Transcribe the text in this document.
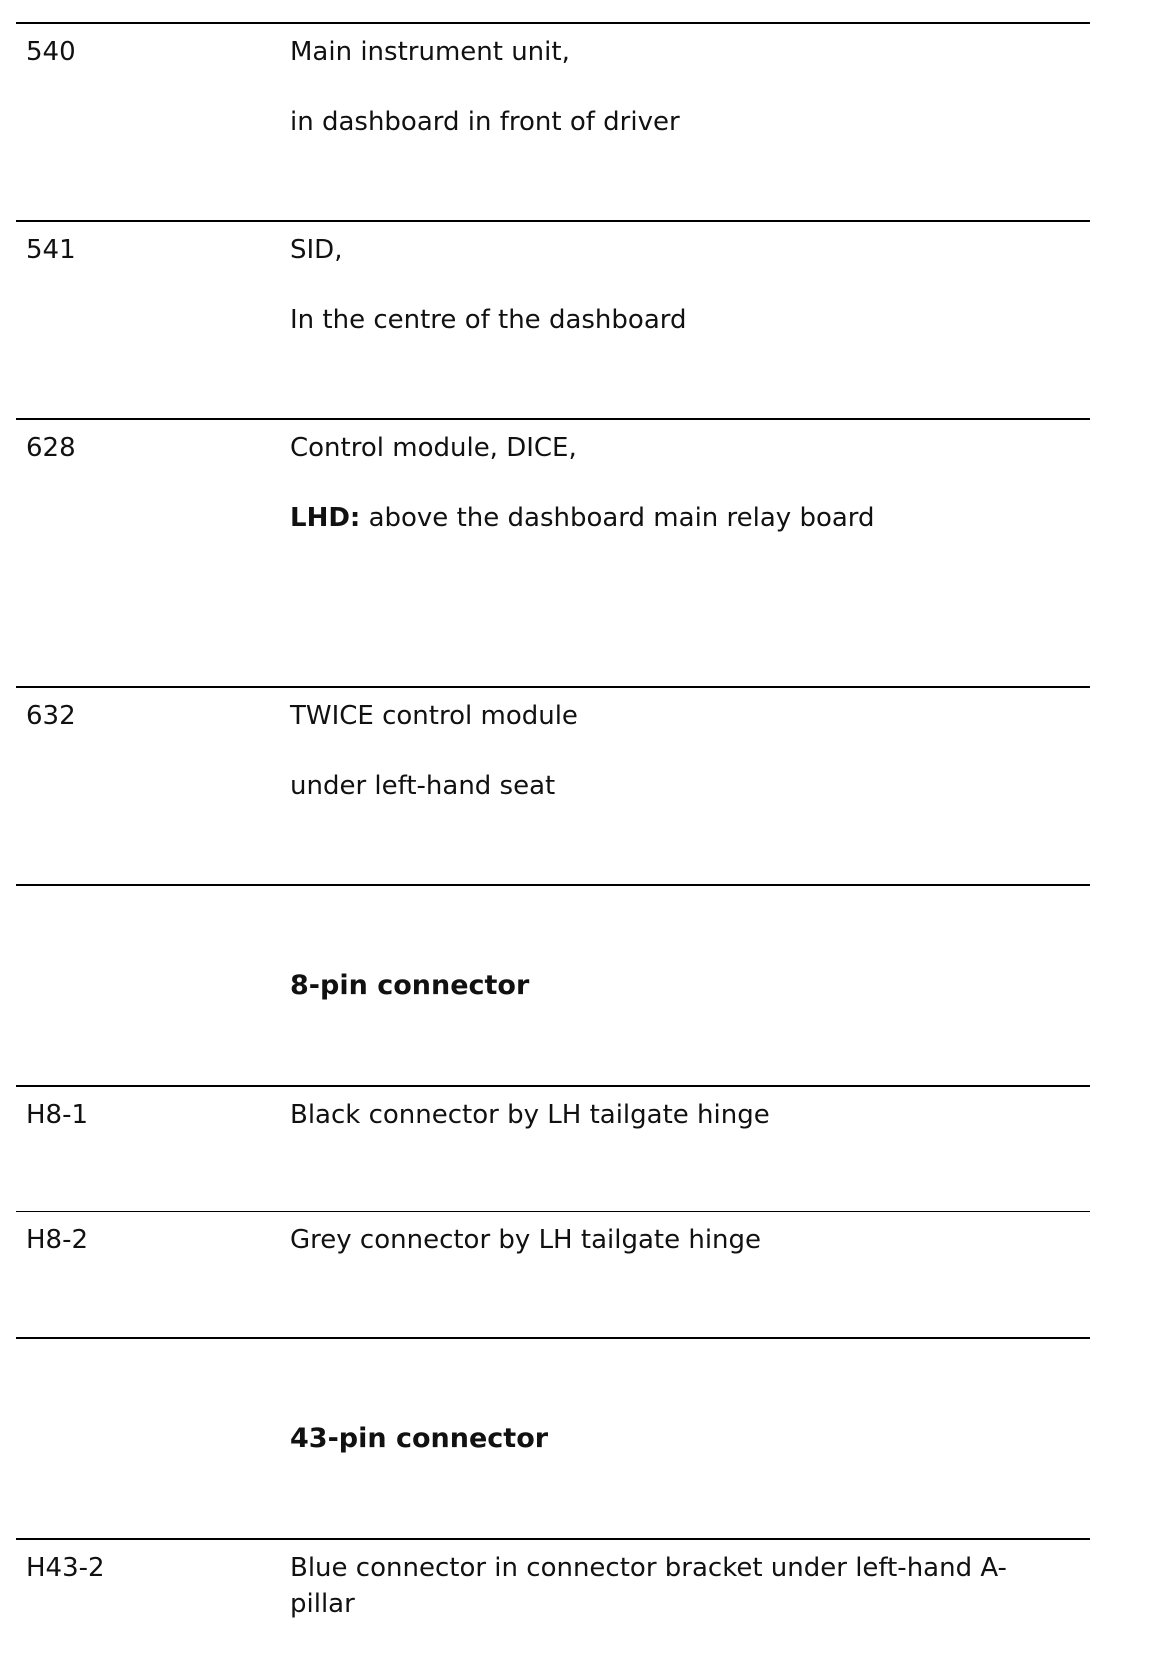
540	Main instrument unit,
in dashboard in front of driver
541	SID,
In the centre of the dashboard
628	Control module, DICE,
LHD: above the dashboard main relay board
632	TWICE control module
under left-hand seat
8-pin connector
H8-1	Black connector by LH tailgate hinge
H8-2	Grey connector by LH tailgate hinge
43-pin connector
H43-2	Blue connector in connector bracket under left-hand A-pillar
